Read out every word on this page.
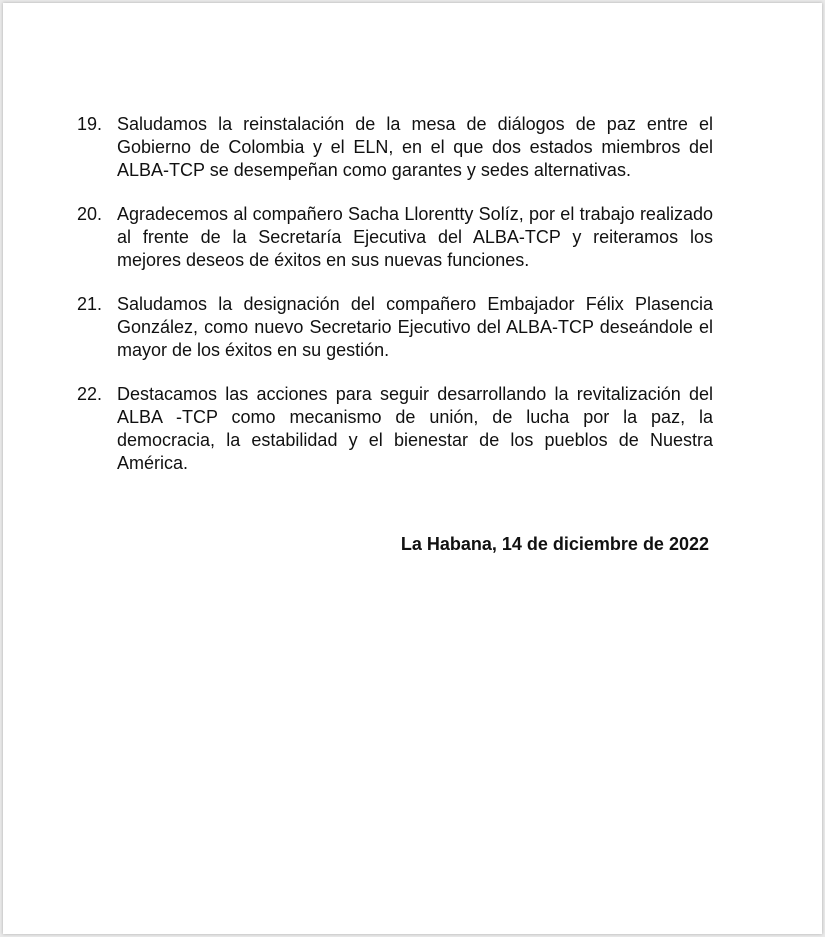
19. Saludamos la reinstalación de la mesa de diálogos de paz entre el Gobierno de Colombia y el ELN, en el que dos estados miembros del ALBA-TCP se desempeñan como garantes y sedes alternativas.
20. Agradecemos al compañero Sacha Llorentty Solíz, por el trabajo realizado al frente de la Secretaría Ejecutiva del ALBA-TCP y reiteramos los mejores deseos de éxitos en sus nuevas funciones.
21. Saludamos la designación del compañero Embajador Félix Plasencia González, como nuevo Secretario Ejecutivo del ALBA-TCP deseándole el mayor de los éxitos en su gestión.
22. Destacamos las acciones para seguir desarrollando la revitalización del ALBA -TCP como mecanismo de unión, de lucha por la paz, la democracia, la estabilidad y el bienestar de los pueblos de Nuestra América.
La Habana, 14 de diciembre de 2022
